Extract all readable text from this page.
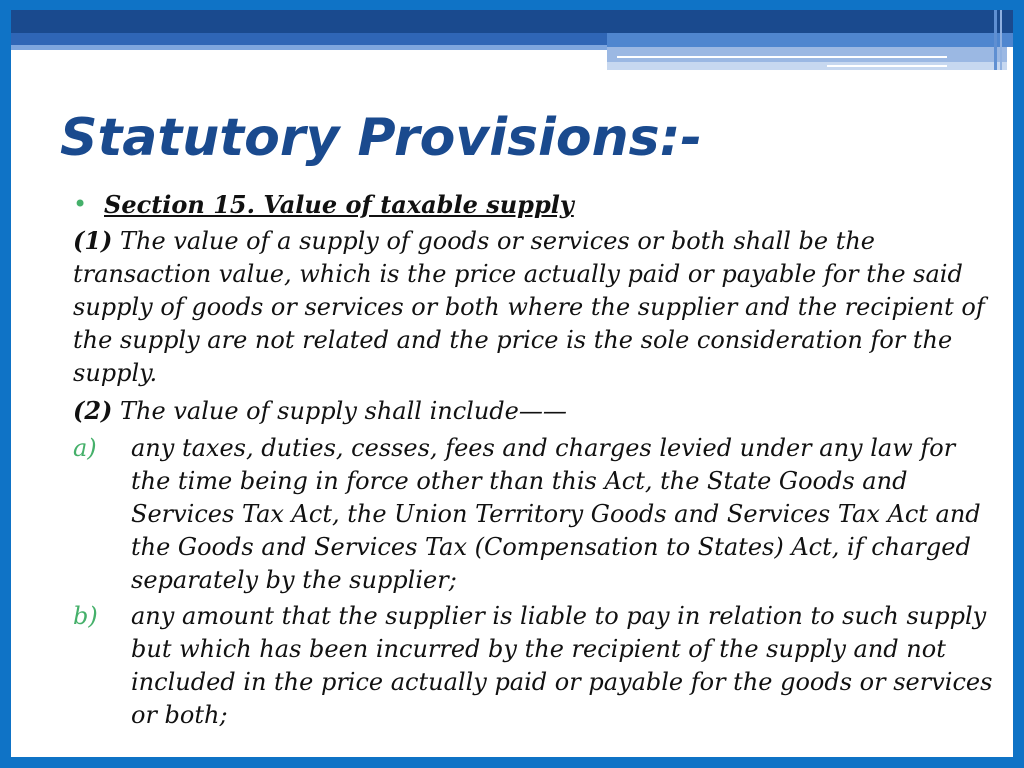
Statutory Provisions:-
• Section 15. Value of taxable supply

(1) The value of a supply of goods or services or both shall be the transaction value, which is the price actually paid or payable for the said supply of goods or services or both where the supplier and the recipient of the supply are not related and the price is the sole consideration for the supply.

(2) The value of supply shall include——

a) any taxes, duties, cesses, fees and charges levied under any law for the time being in force other than this Act, the State Goods and Services Tax Act, the Union Territory Goods and Services Tax Act and the Goods and Services Tax (Compensation to States) Act, if charged separately by the supplier;
b) any amount that the supplier is liable to pay in relation to such supply but which has been incurred by the recipient of the supply and not included in the price actually paid or payable for the goods or services or both;
